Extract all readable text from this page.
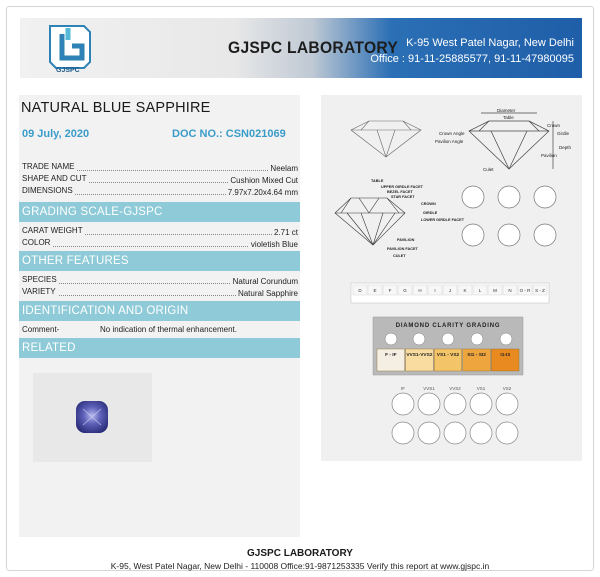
GJSPC
GJSPC LABORATORY K-95 West Patel Nagar, New Delhi
Office : 91-11-25885577, 91-11-47980095
NATURAL BLUE SAPPHIRE
09 July, 2020	DOC NO.: CSN021069
TRADE NAME	Neelam
SHAPE AND CUT	Cushion Mixed Cut
DIMENSIONS	7.97x7.20x4.64 mm
GRADING SCALE-GJSPC
CARAT WEIGHT	2.71 ct
COLOR	violetish Blue
OTHER FEATURES
SPECIES	Natural Corundum
VARIETY	Natural Sapphire
IDENTIFICATION AND ORIGIN
Comment-	No indication of thermal enhancement.
RELATED
Diameter
Table
Crown Angle
Crown
Girdle
Pavilion Angle
Depth
Pavilion
Culet
TABLE
UPPER GIRDLE FACET
BEZEL FACET
STAR FACET
CROWN
GIRDLE
LOWER GIRDLE FACET
PAVILION
PAVILION FACET
CULET
D	E	F	G	H	I	J	K	L	M	N O - R S - Z
DIAMOND CLARITY GRADING
F - IF VVS1-VVS2 VS1 - VS2 SI1 - SI2	I1-I3
IF	VVS1	VVS2	VS1	VS2
GJSPC LABORATORY
K-95, West Patel Nagar, New Delhi - 110008 Office:91-9871253335 Verify this report at www.gjspc.in
